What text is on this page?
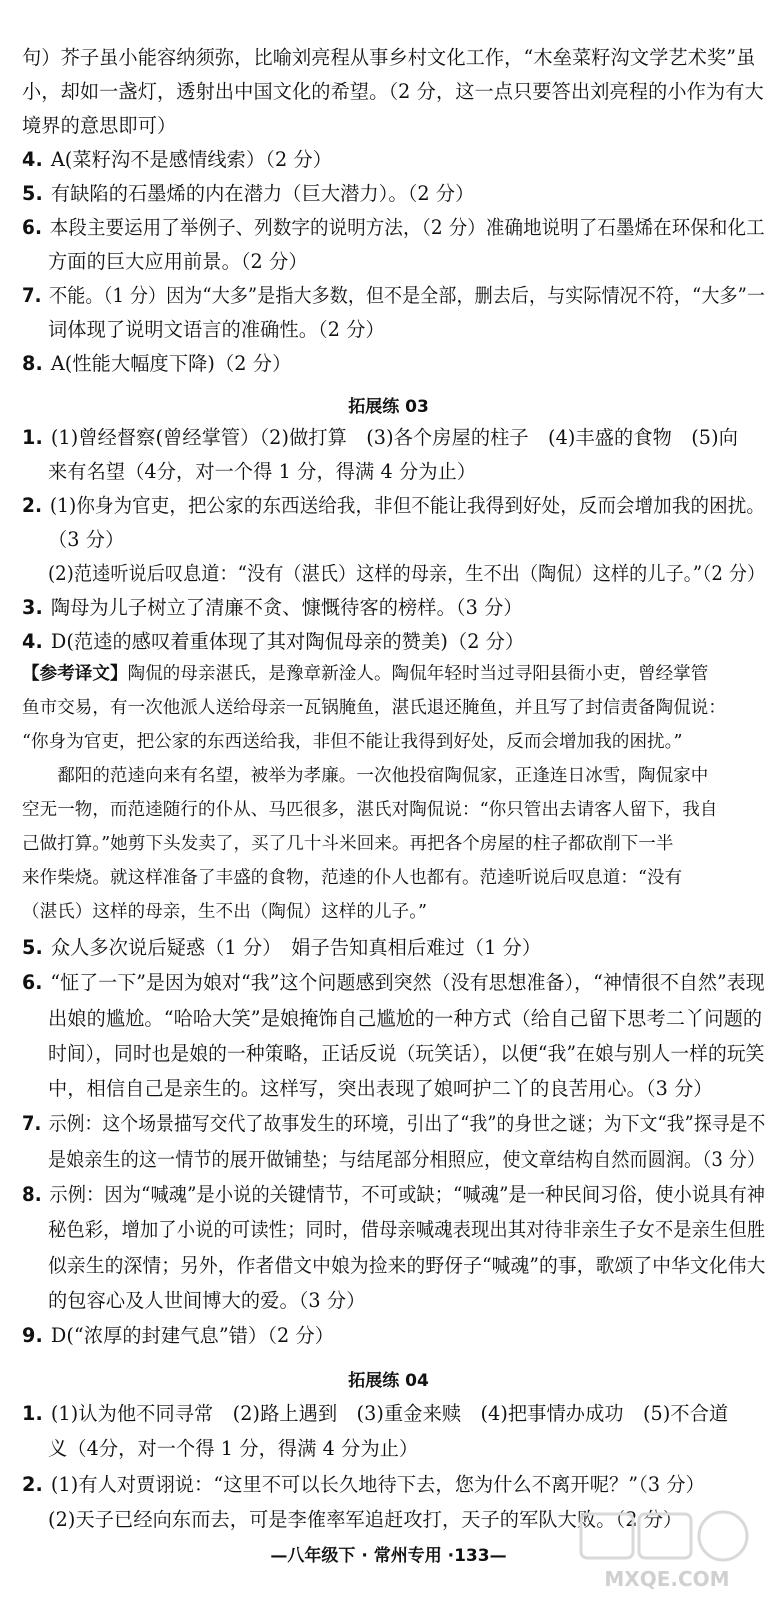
句）芥子虽小能容纳须弥，比喻刘亮程从事乡村文化工作，“木垒菜籽沟文学艺术奖”虽
小，却如一盏灯，透射出中国文化的希望。（2 分，这一点只要答出刘亮程的小作为有大
境界的意思即可）
4. A(菜籽沟不是感情线索）（2 分）
5. 有缺陷的石墨烯的内在潜力（巨大潜力）。（2 分）
6. 本段主要运用了举例子、列数字的说明方法，（2 分）准确地说明了石墨烯在环保和化工
方面的巨大应用前景。（2 分）
7. 不能。（1 分）因为“大多”是指大多数，但不是全部，删去后，与实际情况不符，“大多”一
词体现了说明文语言的准确性。（2 分）
8. A(性能大幅度下降)（2 分）
1. (1)曾经督察(曾经掌管）（2)做打算　(3)各个房屋的柱子　(4)丰盛的食物　(5)向
来有名望（4分，对一个得 1 分，得满 4 分为止）
2. (1)你身为官吏，把公家的东西送给我，非但不能让我得到好处，反而会增加我的困扰。
（3 分）
(2)范逵听说后叹息道：“没有（湛氏）这样的母亲，生不出（陶侃）这样的儿子。”（2 分）
3. 陶母为儿子树立了清廉不贪、慷慨待客的榜样。（3 分）
4. D(范逵的感叹着重体现了其对陶侃母亲的赞美)（2 分）
5. 众人多次说后疑惑（1 分）　娟子告知真相后难过（1 分）
6. “怔了一下”是因为娘对“我”这个问题感到突然（没有思想准备），“神情很不自然”表现
出娘的尴尬。“哈哈大笑”是娘掩饰自己尴尬的一种方式（给自己留下思考二丫问题的
时间），同时也是娘的一种策略，正话反说（玩笑话），以便“我”在娘与别人一样的玩笑
中，相信自己是亲生的。这样写，突出表现了娘呵护二丫的良苦用心。（3 分）
7. 示例：这个场景描写交代了故事发生的环境，引出了“我”的身世之谜；为下文“我”探寻是不
是娘亲生的这一情节的展开做铺垫；与结尾部分相照应，使文章结构自然而圆润。（3 分）
8. 示例：因为“喊魂”是小说的关键情节，不可或缺；“喊魂”是一种民间习俗，使小说具有神
秘色彩，增加了小说的可读性；同时，借母亲喊魂表现出其对待非亲生子女不是亲生但胜
似亲生的深情；另外，作者借文中娘为捡来的野伢子“喊魂”的事，歌颂了中华文化伟大
的包容心及人世间博大的爱。（3 分）
9. D(“浓厚的封建气息”错）（2 分）
1. (1)认为他不同寻常　(2)路上遇到　(3)重金来赎　(4)把事情办成功　(5)不合道
义（4分，对一个得 1 分，得满 4 分为止）
2. (1)有人对贾诩说：“这里不可以长久地待下去，您为什么不离开呢？”（3 分）
(2)天子已经向东而去，可是李傕率军追赶攻打，天子的军队大败。（2 分）
拓展练 03
拓展练 04
【参考译文】陶侃的母亲湛氏，是豫章新淦人。陶侃年轻时当过寻阳县衙小吏，曾经掌管
鱼市交易，有一次他派人送给母亲一瓦锅腌鱼，湛氏退还腌鱼，并且写了封信责备陶侃说：
“你身为官吏，把公家的东西送给我，非但不能让我得到好处，反而会增加我的困扰。”
　　鄱阳的范逵向来有名望，被举为孝廉。一次他投宿陶侃家，正逢连日冰雪，陶侃家中
空无一物，而范逵随行的仆从、马匹很多，湛氏对陶侃说：“你只管出去请客人留下，我自
己做打算。”她剪下头发卖了，买了几十斗米回来。再把各个房屋的柱子都砍削下一半
来作柴烧。就这样准备了丰盛的食物，范逵的仆人也都有。范逵听说后叹息道：“没有
（湛氏）这样的母亲，生不出（陶侃）这样的儿子。”
MXQE.COM
—八年级下 · 常州专用 ·133—
